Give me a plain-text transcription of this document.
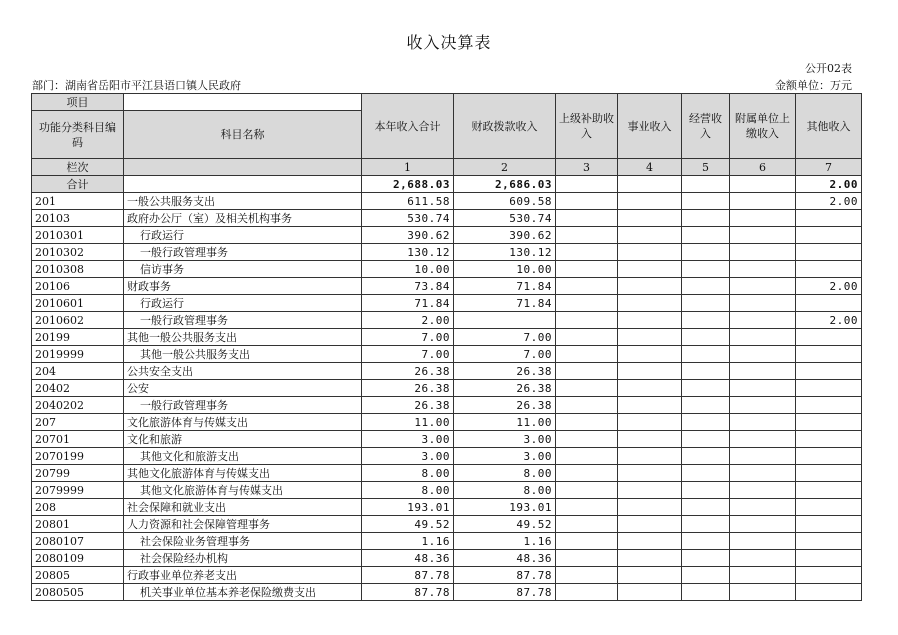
收入决算表
公开02表
部门：湖南省岳阳市平江县语口镇人民政府	金额单位：万元
项目		本年收入合计	财政拨款收入	上级补助收入	事业收入	经营收入	附属单位上缴收入	其他收入
功能分类科目编码	科目名称							

栏次		1	2	3	4	5	6	7
合计		2,688.03	2,686.03					2.00
201	一般公共服务支出	611.58	609.58					2.00
20103	政府办公厅（室）及相关机构事务	530.74	530.74					
2010301	行政运行	390.62	390.62					
2010302	一般行政管理事务	130.12	130.12					
2010308	信访事务	10.00	10.00					
20106	财政事务	73.84	71.84					2.00
2010601	行政运行	71.84	71.84					
2010602	一般行政管理事务	2.00						2.00
20199	其他一般公共服务支出	7.00	7.00					
2019999	其他一般公共服务支出	7.00	7.00					
204	公共安全支出	26.38	26.38					
20402	公安	26.38	26.38					
2040202	一般行政管理事务	26.38	26.38					
207	文化旅游体育与传媒支出	11.00	11.00					
20701	文化和旅游	3.00	3.00					
2070199	其他文化和旅游支出	3.00	3.00					
20799	其他文化旅游体育与传媒支出	8.00	8.00					
2079999	其他文化旅游体育与传媒支出	8.00	8.00					
208	社会保障和就业支出	193.01	193.01					
20801	人力资源和社会保障管理事务	49.52	49.52					
2080107	社会保险业务管理事务	1.16	1.16					
2080109	社会保险经办机构	48.36	48.36					
20805	行政事业单位养老支出	87.78	87.78					
2080505	机关事业单位基本养老保险缴费支出	87.78	87.78					
